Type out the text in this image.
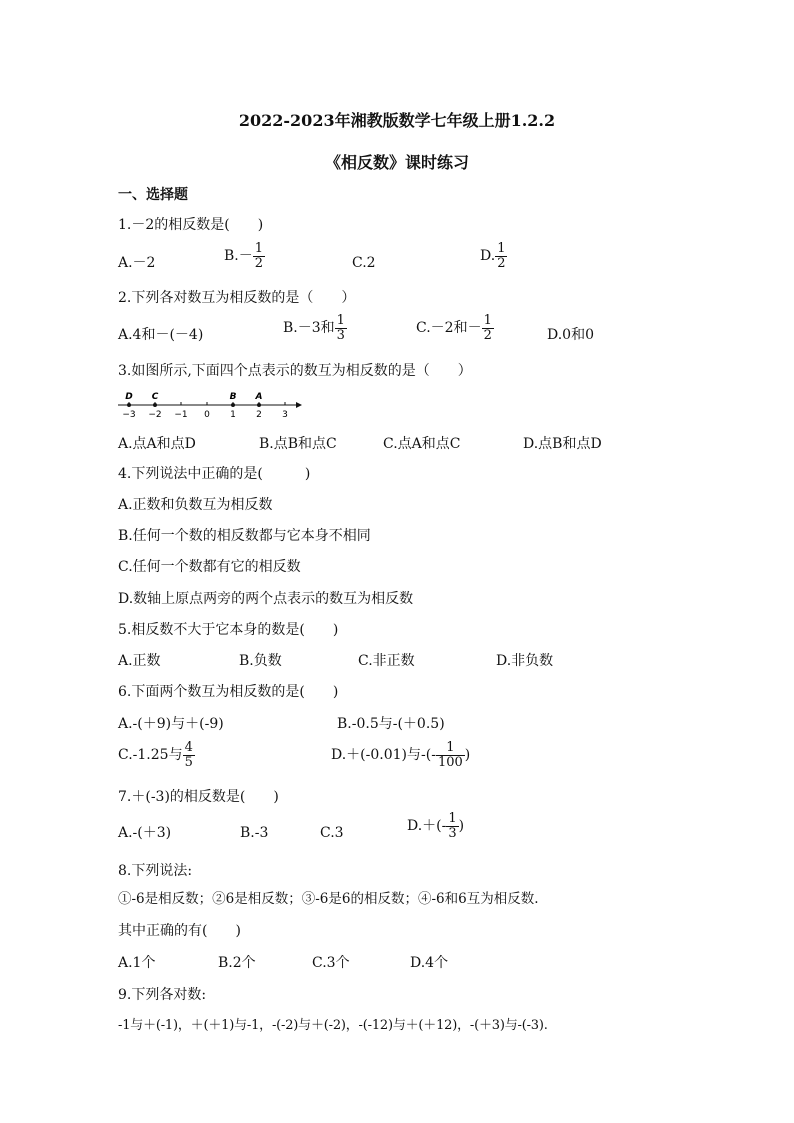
2022-2023年湘教版数学七年级上册1.2.2
《相反数》课时练习
一、选择题
1.－2的相反数是(　　)
A.－2	$B.- \frac{1}{2}$	C.2	D. $\frac{1}{2}$
2.下列各对数互为相反数的是（　　）
A.4和－(－4)	B.－3和 $\frac{1}{3}$	C.－2和－ $\frac{1}{2}$	D.0和0
3.如图所示,下面四个点表示的数互为相反数的是（　　）
−3 −2 −1 0 1 2 3
D C	B A
A.点A和点D	B.点B和点C	C.点A和点C	D.点B和点D
4.下列说法中正确的是(　　　)
A.正数和负数互为相反数
B.任何一个数的相反数都与它本身不相同
C.任何一个数都有它的相反数
D.数轴上原点两旁的两个点表示的数互为相反数
5.相反数不大于它本身的数是(　　)
A.正数	B.负数	C.非正数	D.非负数
6.下面两个数互为相反数的是(　　)
A.-(＋9)与＋(-9)	B.-0.5与-(＋0.5)
C.-1.25与 $\frac{4}{5}$	D.＋(-0.01)与-(- $\frac{1}{100}$ )
7.＋(-3)的相反数是(　　)
A.-(＋3)	B.-3	C.3	$D.+(- \frac{1}{3}$ )
8.下列说法:
①-6是相反数；②6是相反数；③-6是6的相反数；④-6和6互为相反数.
其中正确的有(　　)
A.1个	B.2个	C.3个	D.4个
9.下列各对数:
-1与＋(-1)，＋(＋1)与-1，-(-2)与＋(-2)，-(-12)与＋(＋12)，-(＋3)与-(-3).
